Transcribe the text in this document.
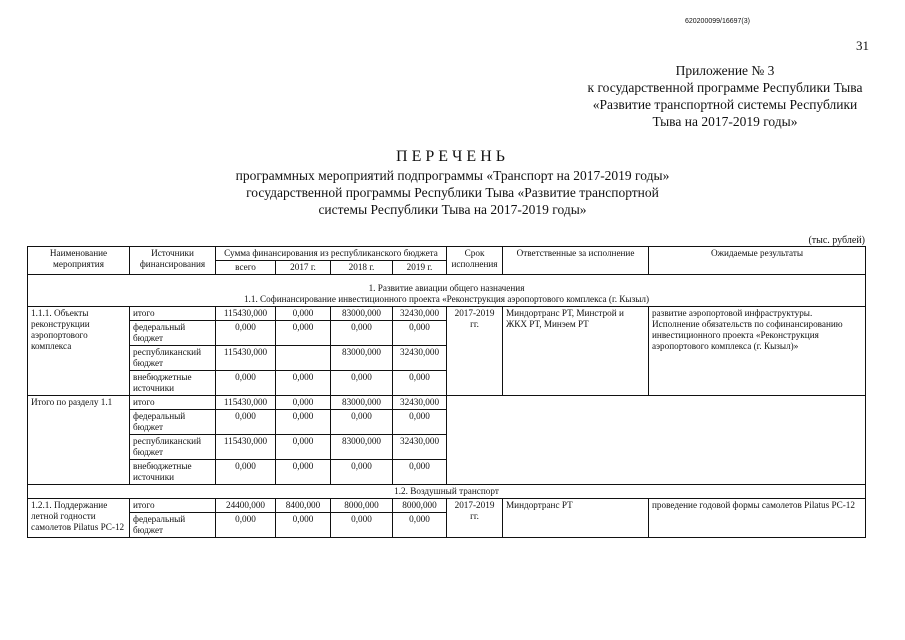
620200099/16697(3)
31
Приложение № 3
к государственной программе Республики Тыва
«Развитие транспортной системы Республики
Тыва на 2017-2019 годы»
ПЕРЕЧЕНЬ
программных мероприятий подпрограммы «Транспорт на 2017-2019 годы»
государственной программы Республики Тыва «Развитие транспортной
системы Республики Тыва на 2017-2019 годы»
(тыс. рублей)
Наименование мероприятия	Источники финансирования	Сумма финансирования из республиканского бюджета				Срок исполнения	Ответственные за исполнение	Ожидаемые результаты
		всего	2017 г.	2018 г.	2019 г.			

1. Развитие авиации общего назначения
1.1. Софинансирование инвестиционного проекта «Реконструкция аэропортового комплекса (г. Кызыл)								

1.1.1. Объекты реконструкции аэропортового комплекса	итого	115430,000	0,000	83000,000	32430,000	2017-2019 гг.	Миндортранс РТ, Минстрой и ЖКХ РТ, Минэем РТ	развитие аэропортовой инфраструктуры. Исполнение обязательств по софинансированию инвестиционного проекта «Реконструкция аэропортового комплекса (г. Кызыл)»
	федеральный бюджет	0,000	0,000	0,000	0,000			
	республиканский бюджет	115430,000		83000,000	32430,000			
	внебюджетные источники	0,000	0,000	0,000	0,000			
Итого по разделу 1.1	итого	115430,000	0,000	83000,000	32430,000			
	федеральный бюджет	0,000	0,000	0,000	0,000			
	республиканский бюджет	115430,000	0,000	83000,000	32430,000			
	внебюджетные источники	0,000	0,000	0,000	0,000			
1.2. Воздушный транспорт								
1.2.1. Поддержание летной годности самолетов Pilatus PC-12	итого	24400,000	8400,000	8000,000	8000,000	2017-2019 гг.	Миндортранс РТ	проведение годовой формы самолетов Pilatus PC-12
	федеральный бюджет	0,000	0,000	0,000	0,000			
